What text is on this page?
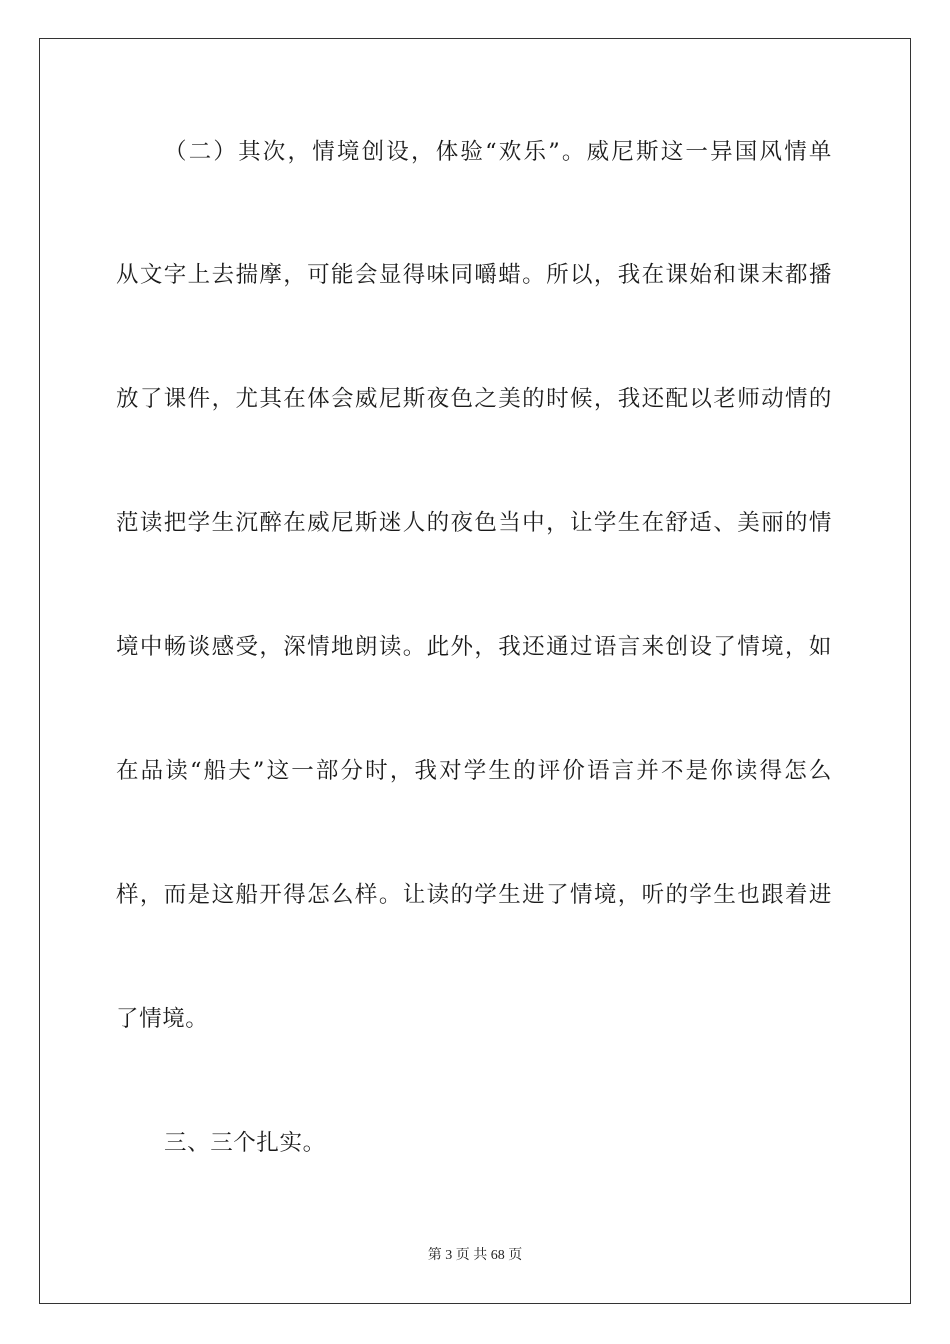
（二）其次，情境创设，体验“欢乐”。威尼斯这一异国风情单
从文字上去揣摩，可能会显得味同嚼蜡。所以，我在课始和课末都播
放了课件，尤其在体会威尼斯夜色之美的时候，我还配以老师动情的
范读把学生沉醉在威尼斯迷人的夜色当中，让学生在舒适、美丽的情
境中畅谈感受，深情地朗读。此外，我还通过语言来创设了情境，如
在品读“船夫”这一部分时，我对学生的评价语言并不是你读得怎么
样，而是这船开得怎么样。让读的学生进了情境，听的学生也跟着进
了情境。
三、三个扎实。
第 3 页 共 68 页
